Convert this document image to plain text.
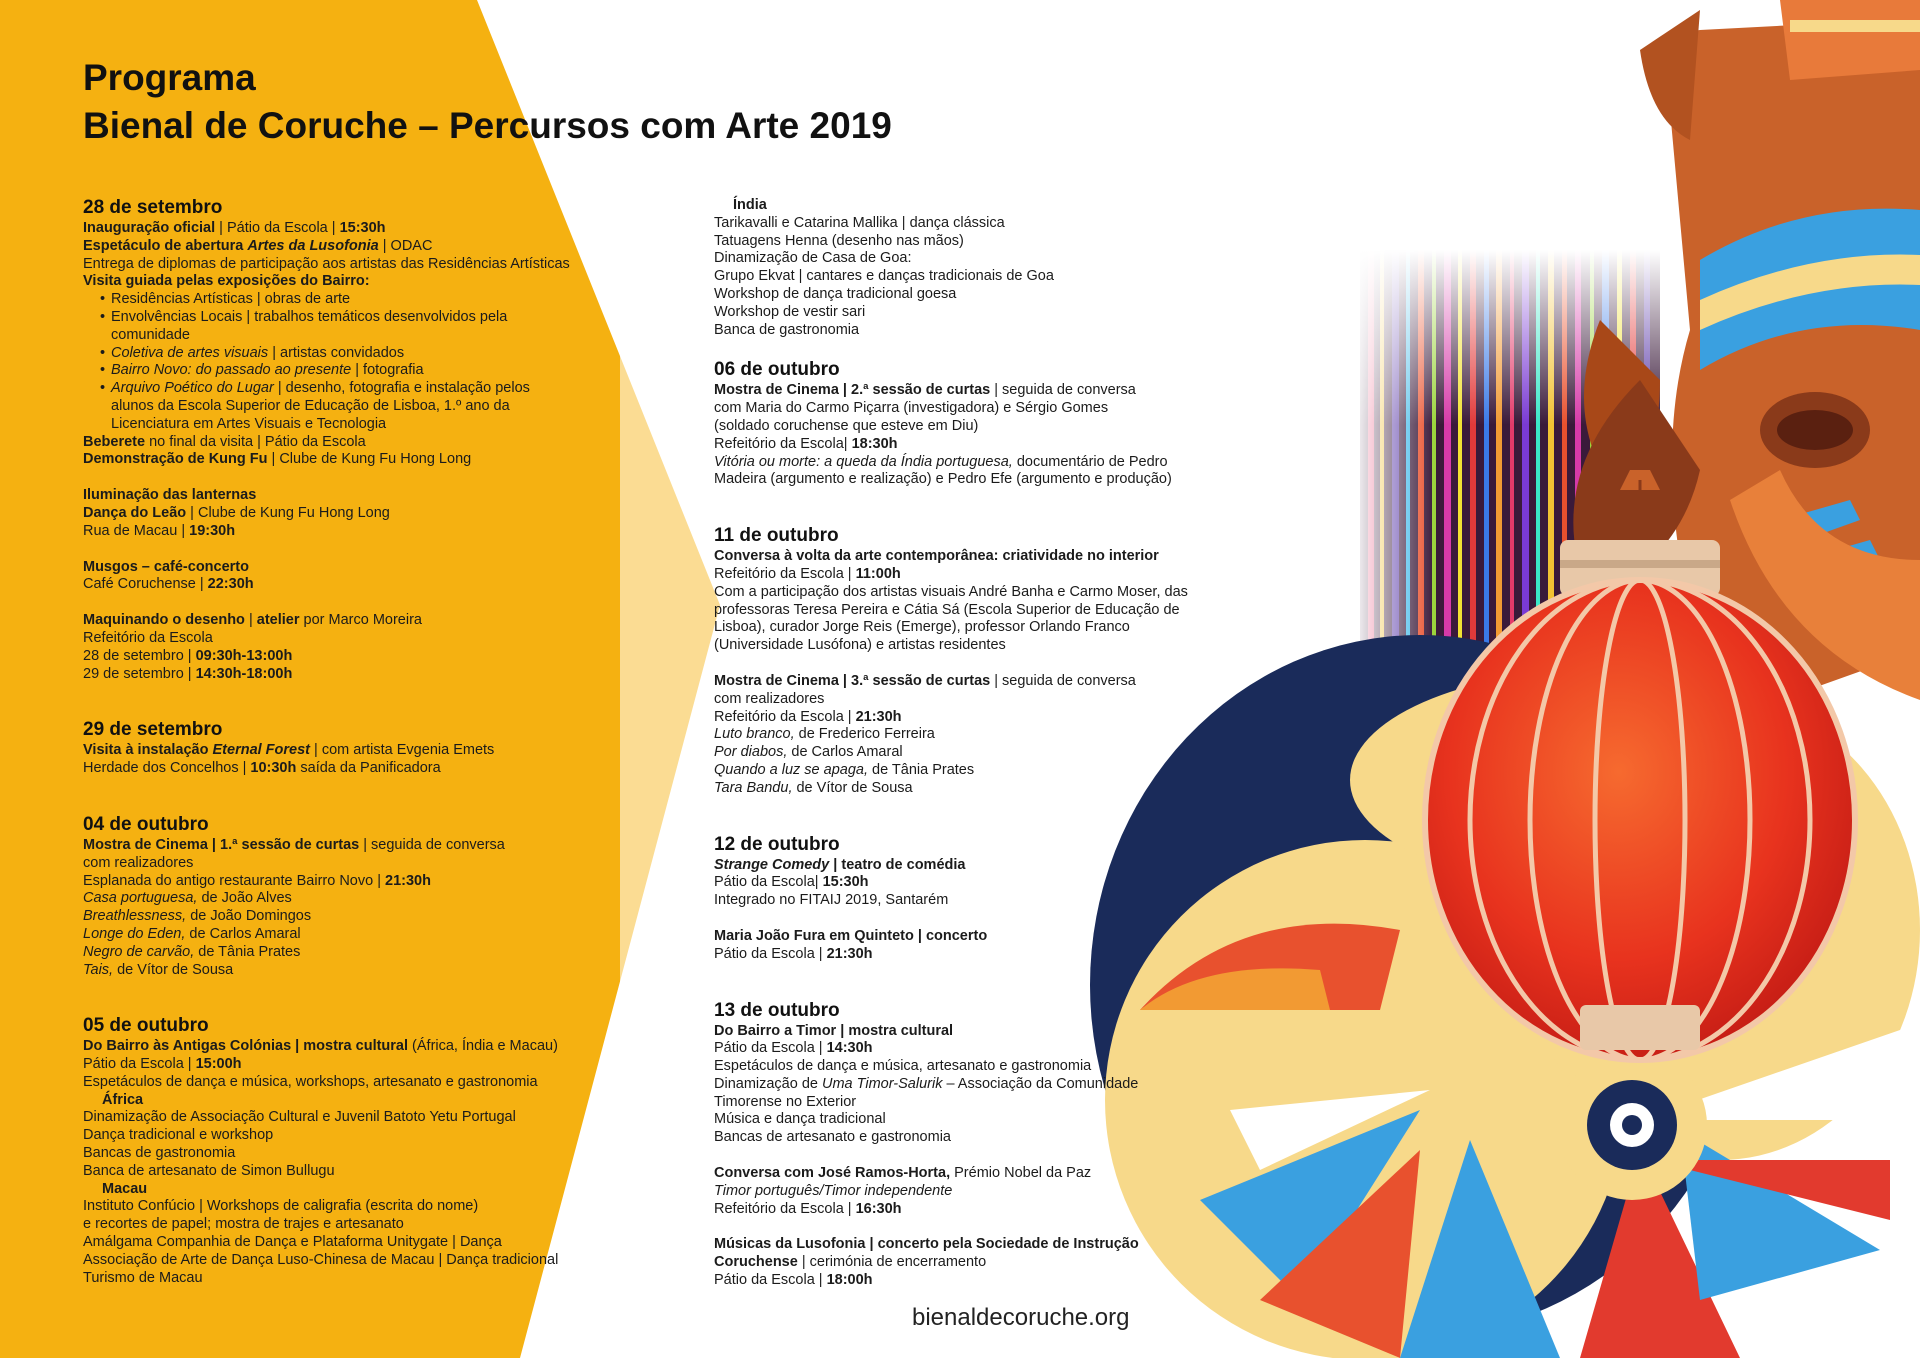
Programa
Bienal de Coruche – Percursos com Arte 2019

28 de setembro

Inauguração oficial | Pátio da Escola | 15:30h

Espetáculo de abertura Artes da Lusofonia | ODAC

Entrega de diplomas de participação aos artistas das Residências Artísticas

Visita guiada pelas exposições do Bairro:

• Residências Artísticas | obras de arte

• Envolvências Locais | trabalhos temáticos desenvolvidos pela

comunidade

• Coletiva de artes visuais | artistas convidados

• Bairro Novo: do passado ao presente | fotografia

• Arquivo Poético do Lugar | desenho, fotografia e instalação pelos

alunos da Escola Superior de Educação de Lisboa, 1.º ano da

Licenciatura em Artes Visuais e Tecnologia

Beberete no final da visita | Pátio da Escola

Demonstração de Kung Fu | Clube de Kung Fu Hong Long

Iluminação das lanternas

Dança do Leão | Clube de Kung Fu Hong Long

Rua de Macau | 19:30h

Musgos – café-concerto

Café Coruchense | 22:30h

Maquinando o desenho | atelier por Marco Moreira

Refeitório da Escola

28 de setembro | 09:30h-13:00h

29 de setembro | 14:30h-18:00h

29 de setembro

Visita à instalação Eternal Forest | com artista Evgenia Emets

Herdade dos Concelhos | 10:30h saída da Panificadora

04 de outubro

Mostra de Cinema | 1.ª sessão de curtas | seguida de conversa

com realizadores

Esplanada do antigo restaurante Bairro Novo | 21:30h

Casa portuguesa, de João Alves

Breathlessness, de João Domingos

Longe do Eden, de Carlos Amaral

Negro de carvão, de Tânia Prates

Tais, de Vítor de Sousa

05 de outubro

Do Bairro às Antigas Colónias | mostra cultural (África, Índia e Macau)

Pátio da Escola | 15:00h

Espetáculos de dança e música, workshops, artesanato e gastronomia

África

Dinamização de Associação Cultural e Juvenil Batoto Yetu Portugal

Dança tradicional e workshop

Bancas de gastronomia

Banca de artesanato de Simon Bullugu

Macau

Instituto Confúcio | Workshops de caligrafia (escrita do nome)

e recortes de papel; mostra de trajes e artesanato

Amálgama Companhia de Dança e Plataforma Unitygate | Dança

Associação de Arte de Dança Luso-Chinesa de Macau | Dança tradicional

Turismo de Macau

Índia

Tarikavalli e Catarina Mallika | dança clássica

Tatuagens Henna (desenho nas mãos)

Dinamização de Casa de Goa:

Grupo Ekvat | cantares e danças tradicionais de Goa

Workshop de dança tradicional goesa

Workshop de vestir sari

Banca de gastronomia

06 de outubro

Mostra de Cinema | 2.ª sessão de curtas | seguida de conversa

com Maria do Carmo Piçarra (investigadora) e Sérgio Gomes

(soldado coruchense que esteve em Diu)

Refeitório da Escola| 18:30h

Vitória ou morte: a queda da Índia portuguesa, documentário de Pedro

Madeira (argumento e realização) e Pedro Efe (argumento e produção)

11 de outubro

Conversa à volta da arte contemporânea: criatividade no interior

Refeitório da Escola | 11:00h

Com a participação dos artistas visuais André Banha e Carmo Moser, das

professoras Teresa Pereira e Cátia Sá (Escola Superior de Educação de

Lisboa), curador Jorge Reis (Emerge), professor Orlando Franco

(Universidade Lusófona) e artistas residentes

Mostra de Cinema | 3.ª sessão de curtas | seguida de conversa

com realizadores

Refeitório da Escola | 21:30h

Luto branco, de Frederico Ferreira

Por diabos, de Carlos Amaral

Quando a luz se apaga, de Tânia Prates

Tara Bandu, de Vítor de Sousa

12 de outubro

Strange Comedy | teatro de comédia

Pátio da Escola| 15:30h

Integrado no FITAIJ 2019, Santarém

Maria João Fura em Quinteto | concerto

Pátio da Escola | 21:30h

13 de outubro

Do Bairro a Timor | mostra cultural

Pátio da Escola | 14:30h

Espetáculos de dança e música, artesanato e gastronomia

Dinamização de Uma Timor-Salurik – Associação da Comunidade

Timorense no Exterior

Música e dança tradicional

Bancas de artesanato e gastronomia

Conversa com José Ramos-Horta, Prémio Nobel da Paz

Timor português/Timor independente

Refeitório da Escola | 16:30h

Músicas da Lusofonia | concerto pela Sociedade de Instrução

Coruchense | cerimónia de encerramento

Pátio da Escola | 18:00h

bienaldecoruche.org
